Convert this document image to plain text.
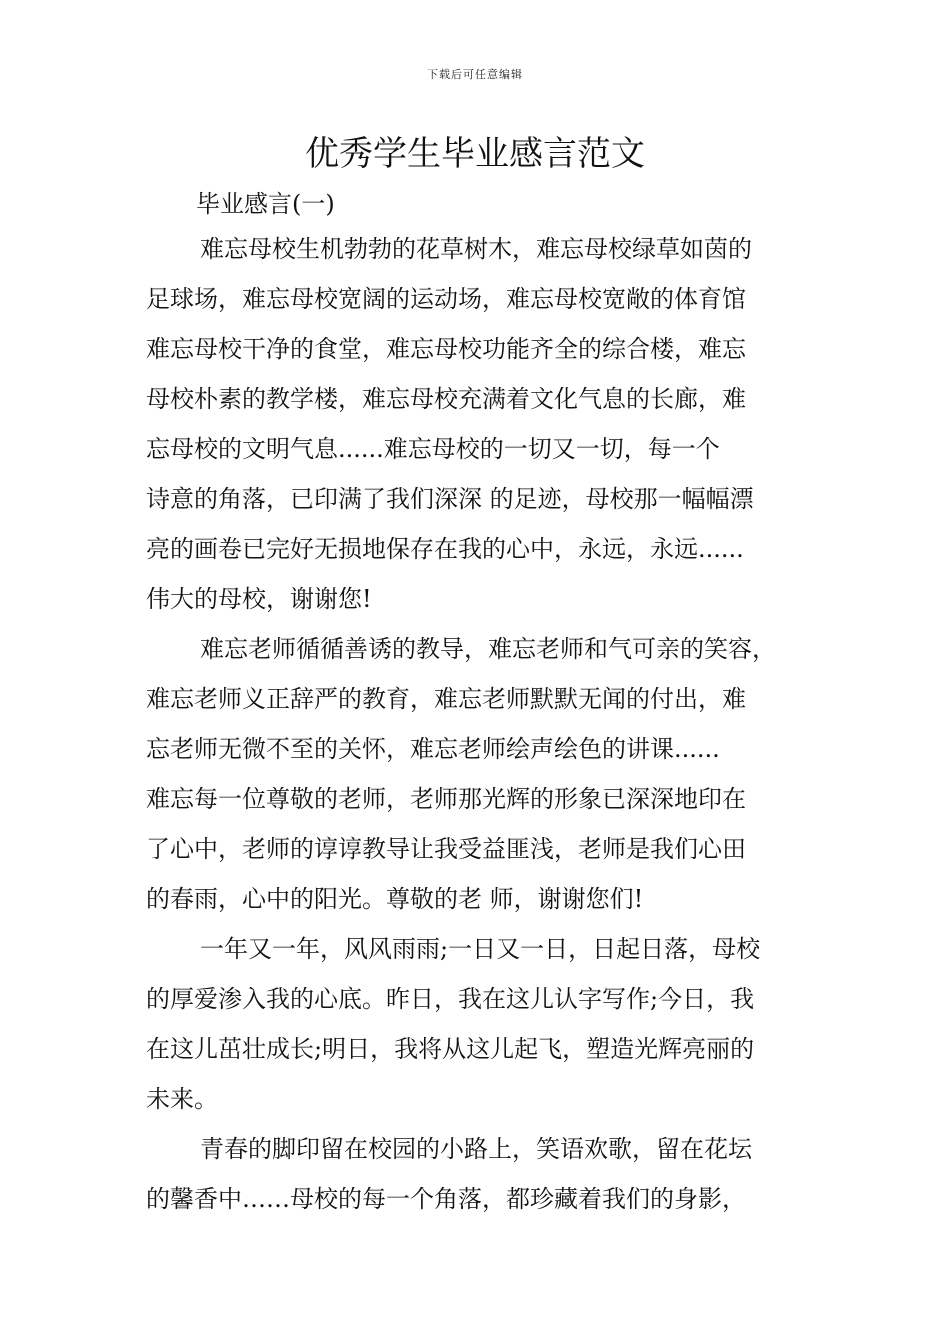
下载后可任意编辑
优秀学生毕业感言范文

毕业感言(一)

难忘母校生机勃勃的花草树木，难忘母校绿草如茵的

足球场，难忘母校宽阔的运动场，难忘母校宽敞的体育馆

难忘母校干净的食堂，难忘母校功能齐全的综合楼，难忘

母校朴素的教学楼，难忘母校充满着文化气息的长廊，难

忘母校的文明气息......难忘母校的一切又一切，每一个

诗意的角落，已印满了我们深深 的足迹，母校那一幅幅漂

亮的画卷已完好无损地保存在我的心中，永远，永远......

伟大的母校，谢谢您!

难忘老师循循善诱的教导，难忘老师和气可亲的笑容，

难忘老师义正辞严的教育，难忘老师默默无闻的付出，难

忘老师无微不至的关怀，难忘老师绘声绘色的讲课......

难忘每一位尊敬的老师，老师那光辉的形象已深深地印在

了心中，老师的谆谆教导让我受益匪浅，老师是我们心田

的春雨，心中的阳光。尊敬的老 师，谢谢您们!

一年又一年，风风雨雨;一日又一日，日起日落，母校

的厚爱渗入我的心底。昨日，我在这儿认字写作;今日，我

在这儿茁壮成长;明日，我将从这儿起飞，塑造光辉亮丽的

未来。

青春的脚印留在校园的小路上，笑语欢歌，留在花坛

的馨香中……母校的每一个角落，都珍藏着我们的身影，
